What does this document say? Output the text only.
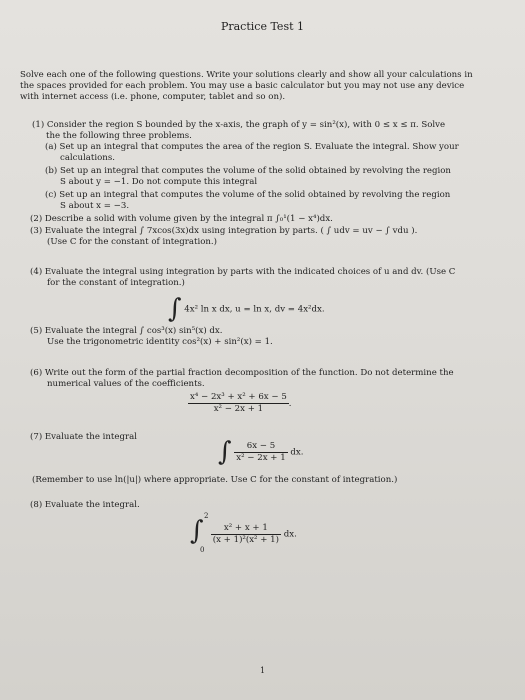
Practice Test 1
Solve each one of the following questions. Write your solutions clearly and show all your calculations in
the spaces provided for each problem. You may use a basic calculator but you may not use any device
with internet access (i.e. phone, computer, tablet and so on).
(1) Consider the region S bounded by the x-axis, the graph of y = sin²(x), with 0 ≤ x ≤ π. Solve
the the following three problems.
(a) Set up an integral that computes the area of the region S. Evaluate the integral. Show your
calculations.
(b) Set up an integral that computes the volume of the solid obtained by revolving the region
S about y = −1. Do not compute this integral
(c) Set up an integral that computes the volume of the solid obtained by revolving the region
S about x = −3.
(2) Describe a solid with volume given by the integral π ∫₀¹(1 − x⁴)dx.
(3) Evaluate the integral ∫ 7xcos(3x)dx using integration by parts. ( ∫ udv = uv − ∫ vdu ).
(Use C for the constant of integration.)
(4) Evaluate the integral using integration by parts with the indicated choices of u and dv. (Use C
for the constant of integration.)
∫ 4x² ln x dx, u = ln x, dv = 4x²dx.
(5) Evaluate the integral ∫ cos³(x) sin⁵(x) dx.
Use the trigonometric identity cos²(x) + sin²(x) = 1.
(6) Write out the form of the partial fraction decomposition of the function. Do not determine the
numerical values of the coefficients.
$\frac{\text{x⁴ − 2x³ + x² + 6x − 5}}{\text{x² − 2x + 1}}$ .
(7) Evaluate the integral	∫ $\frac{6x - 5}{\text{x² − 2x + 1}}$ dx.
(Remember to use ln(|u|) where appropriate. Use C for the constant of integration.)
(8) Evaluate the integral.
∫ 2
0

$\frac{\text{x² + x + 1}}{\text{(x + 1)²(x² + 1)}}$ dx.
1
